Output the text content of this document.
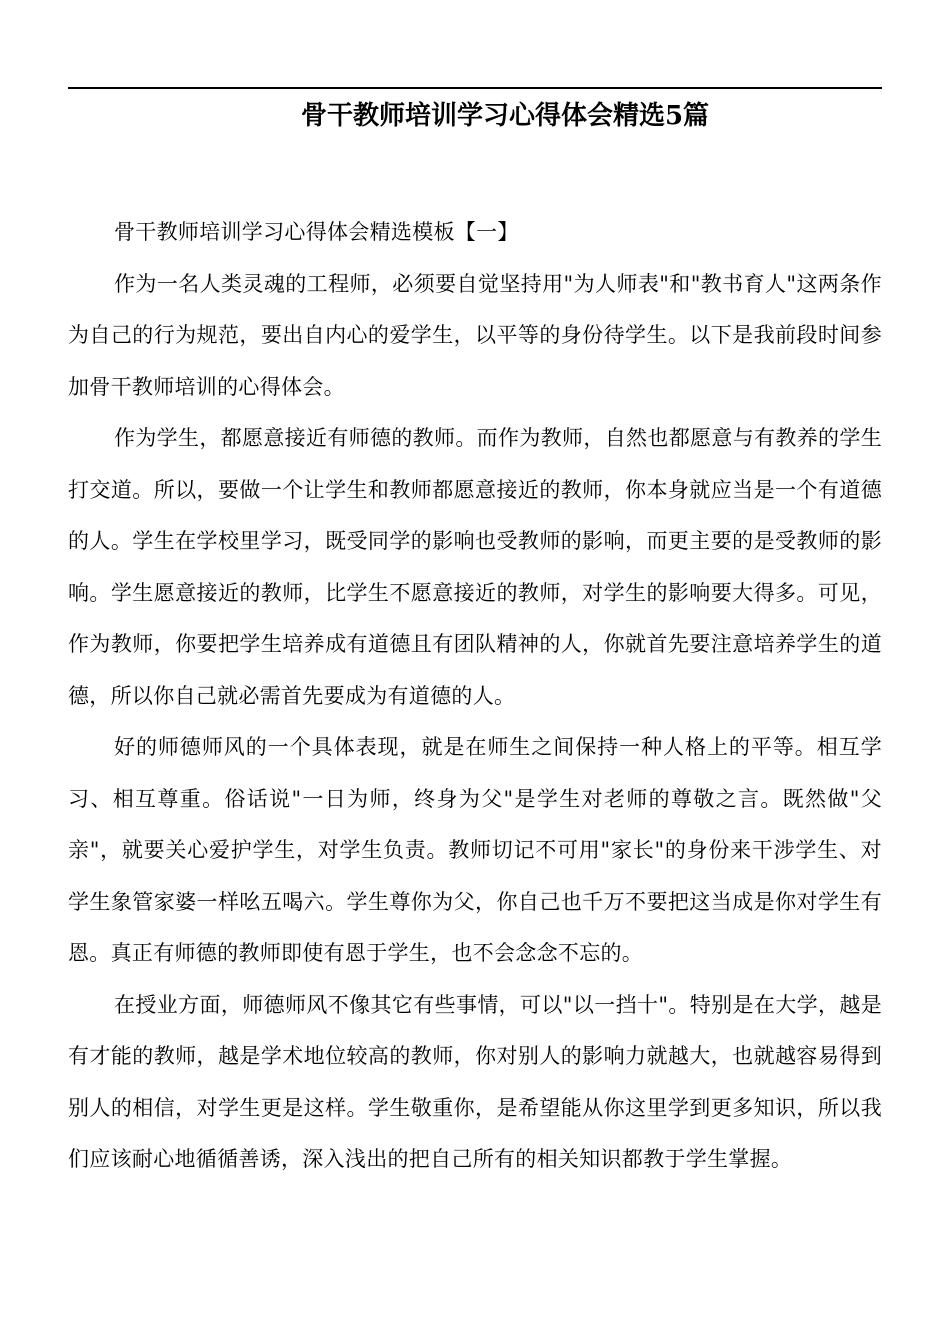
骨干教师培训学习心得体会精选5篇

骨干教师培训学习心得体会精选模板【一】

作为一名人类灵魂的工程师，必须要自觉坚持用"为人师表"和"教书育人"这两条作为自己的行为规范，要出自内心的爱学生，以平等的身份待学生。以下是我前段时间参加骨干教师培训的心得体会。

作为学生，都愿意接近有师德的教师。而作为教师，自然也都愿意与有教养的学生打交道。所以，要做一个让学生和教师都愿意接近的教师，你本身就应当是一个有道德的人。学生在学校里学习，既受同学的影响也受教师的影响，而更主要的是受教师的影响。学生愿意接近的教师，比学生不愿意接近的教师，对学生的影响要大得多。可见，作为教师，你要把学生培养成有道德且有团队精神的人，你就首先要注意培养学生的道德，所以你自己就必需首先要成为有道德的人。

好的师德师风的一个具体表现，就是在师生之间保持一种人格上的平等。相互学习、相互尊重。俗话说"一日为师，终身为父"是学生对老师的尊敬之言。既然做"父亲"，就要关心爱护学生，对学生负责。教师切记不可用"家长"的身份来干涉学生、对学生象管家婆一样吆五喝六。学生尊你为父，你自己也千万不要把这当成是你对学生有恩。真正有师德的教师即使有恩于学生，也不会念念不忘的。

在授业方面，师德师风不像其它有些事情，可以"以一挡十"。特别是在大学，越是有才能的教师，越是学术地位较高的教师，你对别人的影响力就越大，也就越容易得到别人的相信，对学生更是这样。学生敬重你，是希望能从你这里学到更多知识，所以我们应该耐心地循循善诱，深入浅出的把自己所有的相关知识都教于学生掌握。
